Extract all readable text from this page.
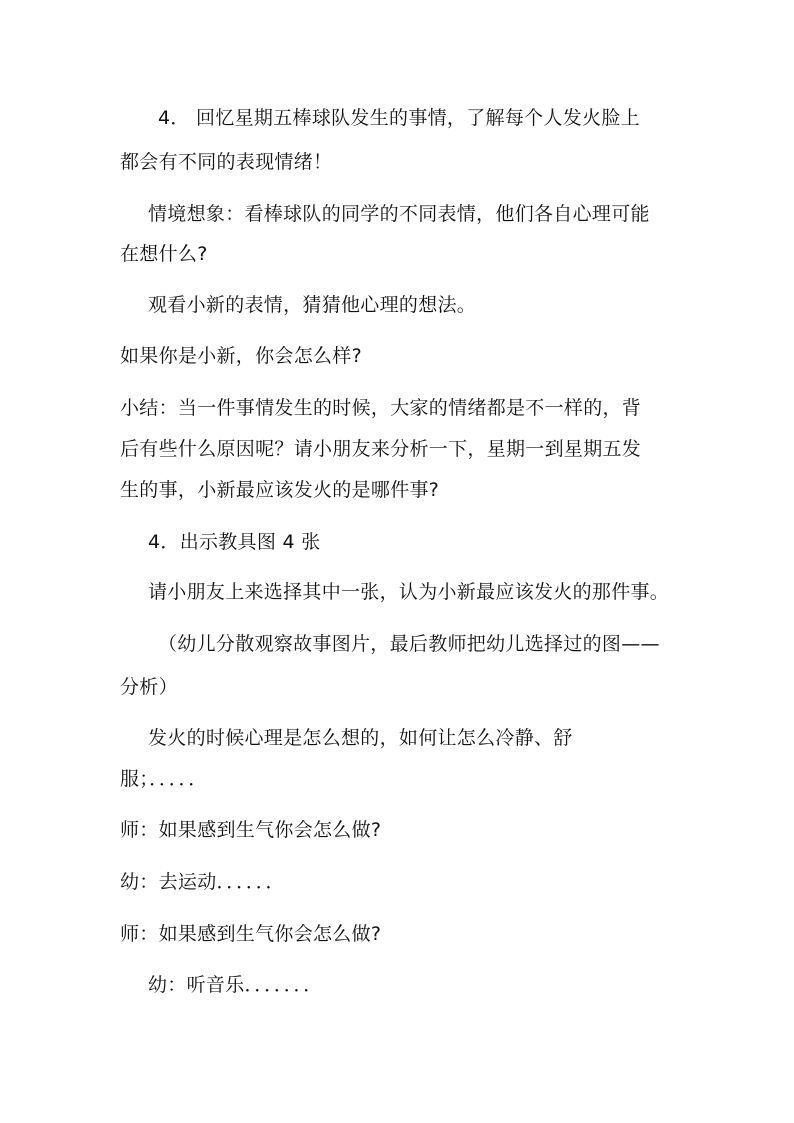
4． 回忆星期五棒球队发生的事情，了解每个人发火脸上
都会有不同的表现情绪！
情境想象：看棒球队的同学的不同表情，他们各自心理可能
在想什么?
观看小新的表情，猜猜他心理的想法。
如果你是小新，你会怎么样?
小结：当一件事情发生的时候，大家的情绪都是不一样的，背
后有些什么原因呢？请小朋友来分析一下，星期一到星期五发
生的事，小新最应该发火的是哪件事?
4．出示教具图 4 张
请小朋友上来选择其中一张，认为小新最应该发火的那件事。
（幼儿分散观察故事图片，最后教师把幼儿选择过的图——
分析）
发火的时候心理是怎么想的，如何让怎么冷静、舒
服；．．．．．
师：如果感到生气你会怎么做?
幼：去运动．．．．．．
师：如果感到生气你会怎么做?
幼：听音乐．．．．．．．
